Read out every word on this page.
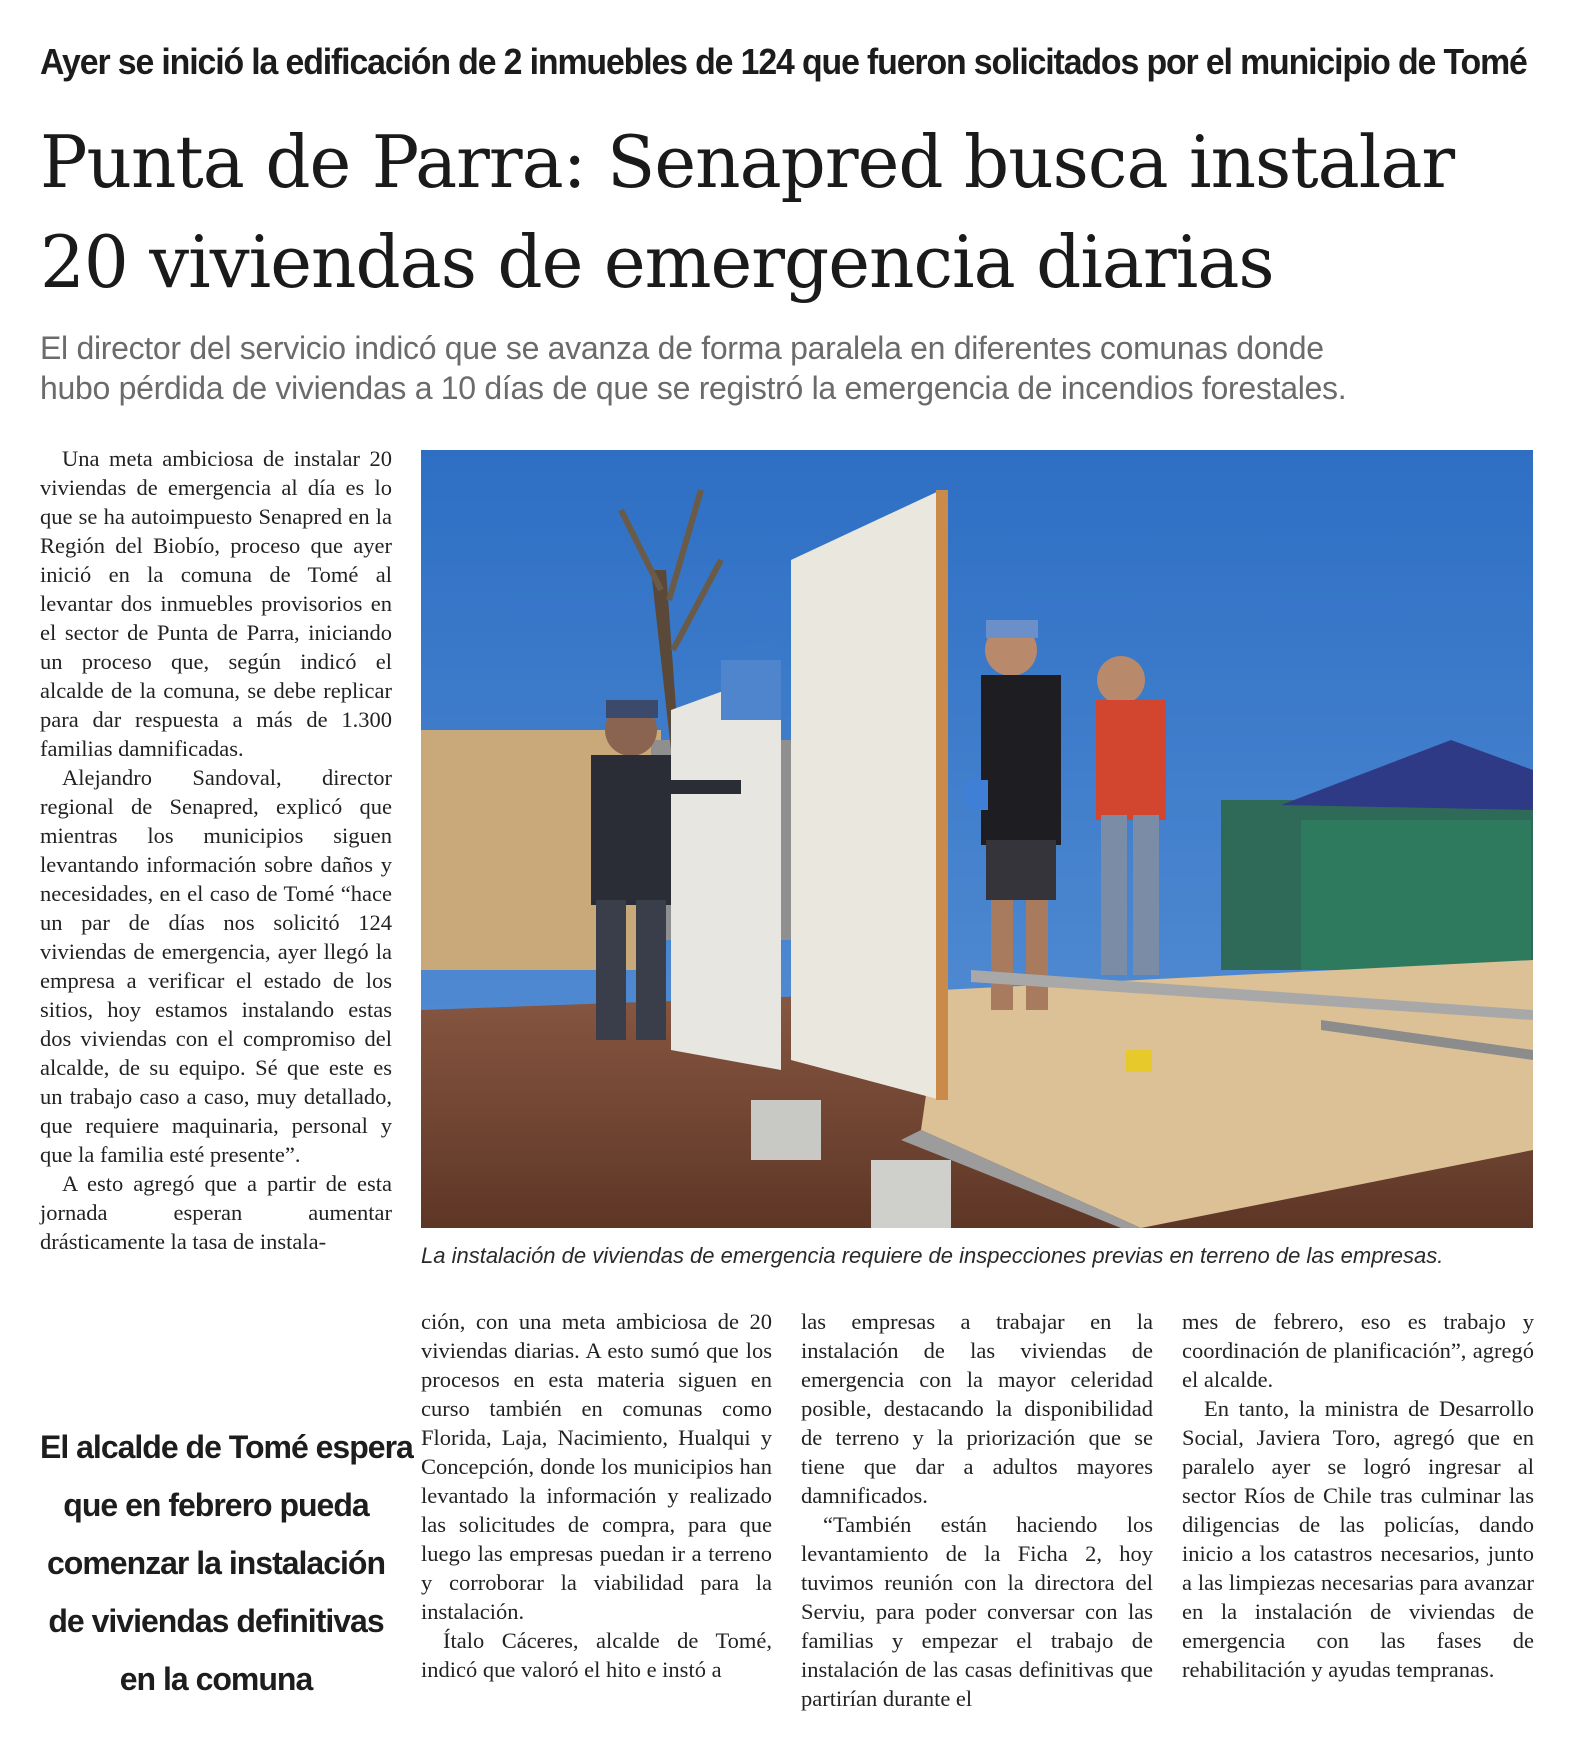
Ayer se inició la edificación de 2 inmuebles de 124 que fueron solicitados por el municipio de Tomé
Punta de Parra: Senapred busca instalar
20 viviendas de emergencia diarias
El director del servicio indicó que se avanza de forma paralela en diferentes comunas donde
hubo pérdida de viviendas a 10 días de que se registró la emergencia de incendios forestales.

Una meta ambiciosa de instalar 20 viviendas de emergencia al día es lo que se ha autoimpuesto Senapred en la Región del Biobío, proceso que ayer inició en la comuna de Tomé al levantar dos inmuebles provisorios en el sector de Punta de Parra, iniciando un proceso que, según indicó el alcalde de la comuna, se debe replicar para dar respuesta a más de 1.300 familias damnificadas.

Alejandro Sandoval, director regional de Senapred, explicó que mientras los municipios siguen levantando información sobre daños y necesidades, en el caso de Tomé “hace un par de días nos solicitó 124 viviendas de emergencia, ayer llegó la empresa a verificar el estado de los sitios, hoy estamos instalando estas dos viviendas con el compromiso del alcalde, de su equipo. Sé que este es un trabajo caso a caso, muy detallado, que requiere maquinaria, personal y que la familia esté presente”.

A esto agregó que a partir de esta jornada esperan aumentar drásticamente la tasa de instala-

La instalación de viviendas de emergencia requiere de inspecciones previas en terreno de las empresas.
El alcalde de Tomé espera
que en febrero pueda
comenzar la instalación
de viviendas definitivas
en la comuna

ción, con una meta ambiciosa de 20 viviendas diarias. A esto sumó que los procesos en esta materia siguen en curso también en comunas como Florida, Laja, Nacimiento, Hualqui y Concepción, donde los municipios han levantado la información y realizado las solicitudes de compra, para que luego las empresas puedan ir a terreno y corroborar la viabilidad para la instalación.

Ítalo Cáceres, alcalde de Tomé, indicó que valoró el hito e instó a

las empresas a trabajar en la instalación de las viviendas de emergencia con la mayor celeridad posible, destacando la disponibilidad de terreno y la priorización que se tiene que dar a adultos mayores damnificados.

“También están haciendo los levantamiento de la Ficha 2, hoy tuvimos reunión con la directora del Serviu, para poder conversar con las familias y empezar el trabajo de instalación de las casas definitivas que partirían durante el

mes de febrero, eso es trabajo y coordinación de planificación”, agregó el alcalde.

En tanto, la ministra de Desarrollo Social, Javiera Toro, agregó que en paralelo ayer se logró ingresar al sector Ríos de Chile tras culminar las diligencias de las policías, dando inicio a los catastros necesarios, junto a las limpiezas necesarias para avanzar en la instalación de viviendas de emergencia con las fases de rehabilitación y ayudas tempranas.
